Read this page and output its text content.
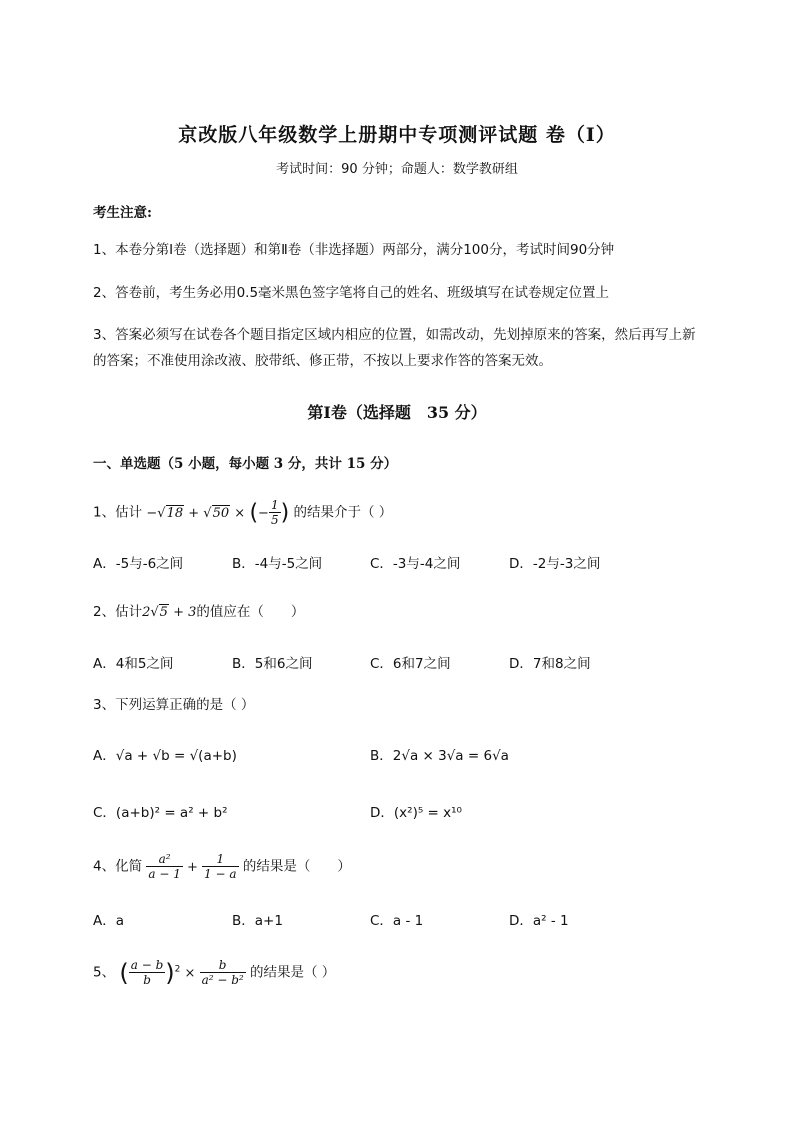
京改版八年级数学上册期中专项测评试题 卷（Ⅰ）
考试时间：90 分钟；命题人：数学教研组
考生注意:
1、本卷分第Ⅰ卷（选择题）和第Ⅱ卷（非选择题）两部分，满分100分，考试时间90分钟
2、答卷前，考生务必用0.5毫米黑色签字笔将自己的姓名、班级填写在试卷规定位置上
3、答案必须写在试卷各个题目指定区域内相应的位置，如需改动，先划掉原来的答案，然后再写上新
的答案；不准使用涂改液、胶带纸、修正带，不按以上要求作答的答案无效。
第Ⅰ卷（选择题　35 分）
一、单选题（5 小题，每小题 3 分，共计 15 分）
1、估计 −√18 + √50 × (− $\frac{1}{5}$ ) 的结果介于（ ）
A．-5与-6之间	B．-4与-5之间	C．-3与-4之间	D．-2与-3之间
2、估计2√5 + 3的值应在（　　）
A．4和5之间	B．5和6之间	C．6和7之间	D．7和8之间
3、下列运算正确的是（ ）
A．√a + √b = √(a+b)	B．2√a × 3√a = 6√a
C．(a+b)² = a² + b²	D．(x²)⁵ = x¹⁰
4、化简 $\frac{\text{a²}}{a - 1} + \frac{1}{1 - a}$ 的结果是（　　）
A．a	B．a+1	C．a - 1	D．a² - 1
5、 ( $\frac{a - b}{b} )^2 \times \frac{b}{\text{a² − b²}}$ 的结果是（ ）
